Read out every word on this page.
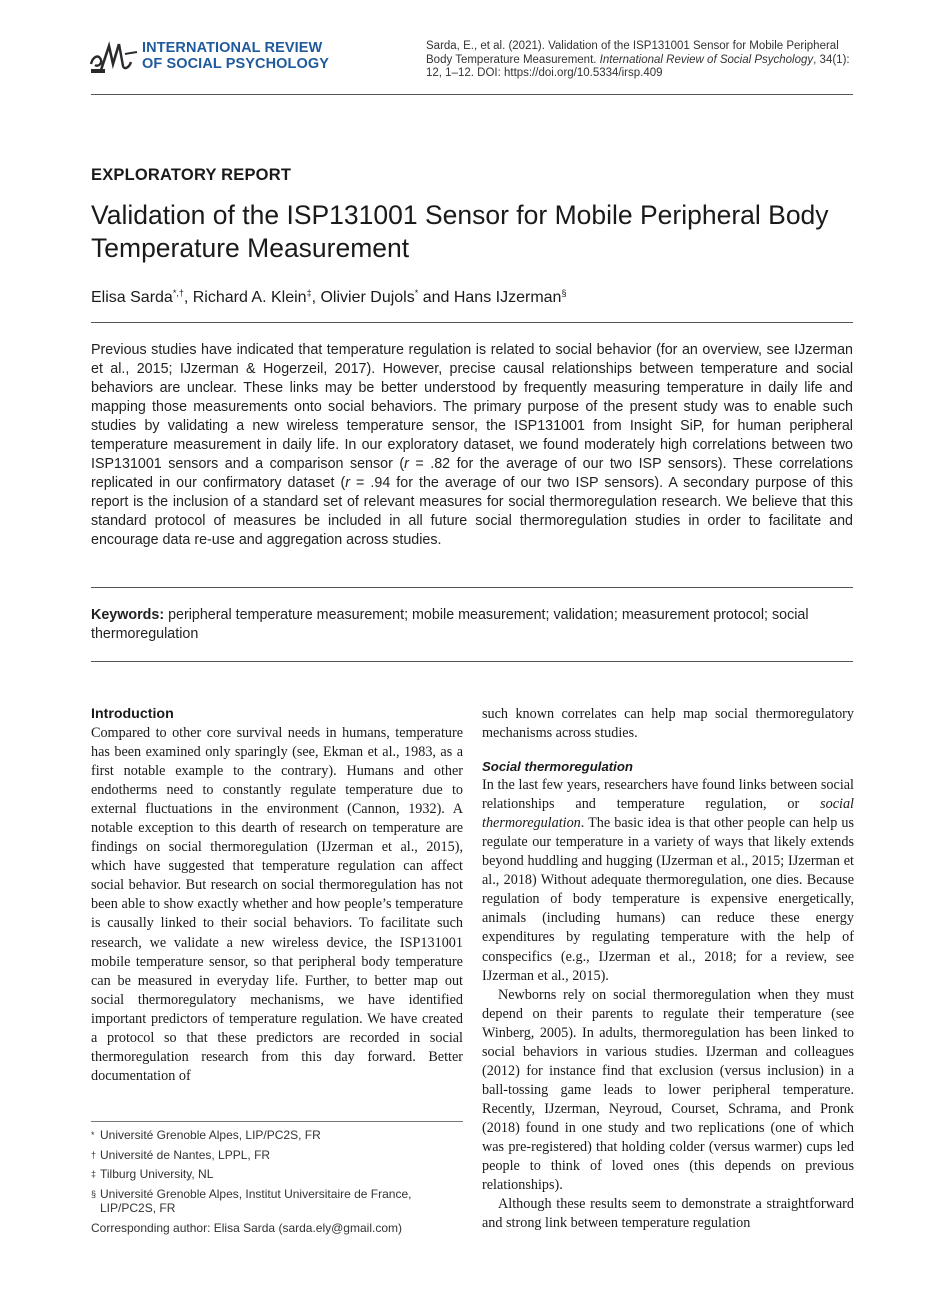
INTERNATIONAL REVIEW
OF SOCIAL PSYCHOLOGY
Sarda, E., et al. (2021). Validation of the ISP131001 Sensor for Mobile Peripheral Body Temperature Measurement. International Review of Social Psychology, 34(1): 12, 1–12. DOI: https://doi.org/10.5334/irsp.409
EXPLORATORY REPORT
Validation of the ISP131001 Sensor for Mobile Peripheral Body Temperature Measurement
Elisa Sarda*,†, Richard A. Klein‡, Olivier Dujols* and Hans IJzerman§
Previous studies have indicated that temperature regulation is related to social behavior (for an overview, see IJzerman et al., 2015; IJzerman & Hogerzeil, 2017). However, precise causal relationships between temperature and social behaviors are unclear. These links may be better understood by frequently measuring temperature in daily life and mapping those measurements onto social behaviors. The primary purpose of the present study was to enable such studies by validating a new wireless temperature sensor, the ISP131001 from Insight SiP, for human peripheral temperature measurement in daily life. In our exploratory dataset, we found moderately high correlations between two ISP131001 sensors and a comparison sensor (r = .82 for the average of our two ISP sensors). These correlations replicated in our confirmatory dataset (r = .94 for the average of our two ISP sensors). A secondary purpose of this report is the inclusion of a standard set of relevant measures for social thermoregulation research. We believe that this standard protocol of measures be included in all future social thermoregulation studies in order to facilitate and encourage data re-use and aggregation across studies.
Keywords: peripheral temperature measurement; mobile measurement; validation; measurement protocol; social thermoregulation

Introduction

Compared to other core survival needs in humans, temperature has been examined only sparingly (see, Ekman et al., 1983, as a first notable example to the contrary). Humans and other endotherms need to constantly regulate temperature due to external fluctuations in the environment (Cannon, 1932). A notable exception to this dearth of research on temperature are findings on social thermoregulation (IJzerman et al., 2015), which have suggested that temperature regulation can affect social behavior. But research on social thermoregulation has not been able to show exactly whether and how people’s temperature is causally linked to their social behaviors. To facilitate such research, we validate a new wireless device, the ISP131001 mobile temperature sensor, so that peripheral body temperature can be measured in everyday life. Further, to better map out social thermoregulatory mechanisms, we have identified important predictors of temperature regulation. We have created a protocol so that these predictors are recorded in social thermoregulation research from this day forward. Better documentation of

such known correlates can help map social thermoregulatory mechanisms across studies.

Social thermoregulation

In the last few years, researchers have found links between social relationships and temperature regulation, or social thermoregulation. The basic idea is that other people can help us regulate our temperature in a variety of ways that likely extends beyond huddling and hugging (IJzerman et al., 2015; IJzerman et al., 2018) Without adequate thermoregulation, one dies. Because regulation of body temperature is expensive energetically, animals (including humans) can reduce these energy expenditures by regulating temperature with the help of conspecifics (e.g., IJzerman et al., 2018; for a review, see IJzerman et al., 2015).

Newborns rely on social thermoregulation when they must depend on their parents to regulate their temperature (see Winberg, 2005). In adults, thermoregulation has been linked to social behaviors in various studies. IJzerman and colleagues (2012) for instance find that exclusion (versus inclusion) in a ball-tossing game leads to lower peripheral temperature. Recently, IJzerman, Neyroud, Courset, Schrama, and Pronk (2018) found in one study and two replications (one of which was pre-registered) that holding colder (versus warmer) cups led people to think of loved ones (this depends on previous relationships).

Although these results seem to demonstrate a straightforward and strong link between temperature regulation

* Université Grenoble Alpes, LIP/PC2S, FR
† Université de Nantes, LPPL, FR
‡ Tilburg University, NL
§ Université Grenoble Alpes, Institut Universitaire de France, LIP/PC2S, FR
Corresponding author: Elisa Sarda (sarda.ely@gmail.com)
